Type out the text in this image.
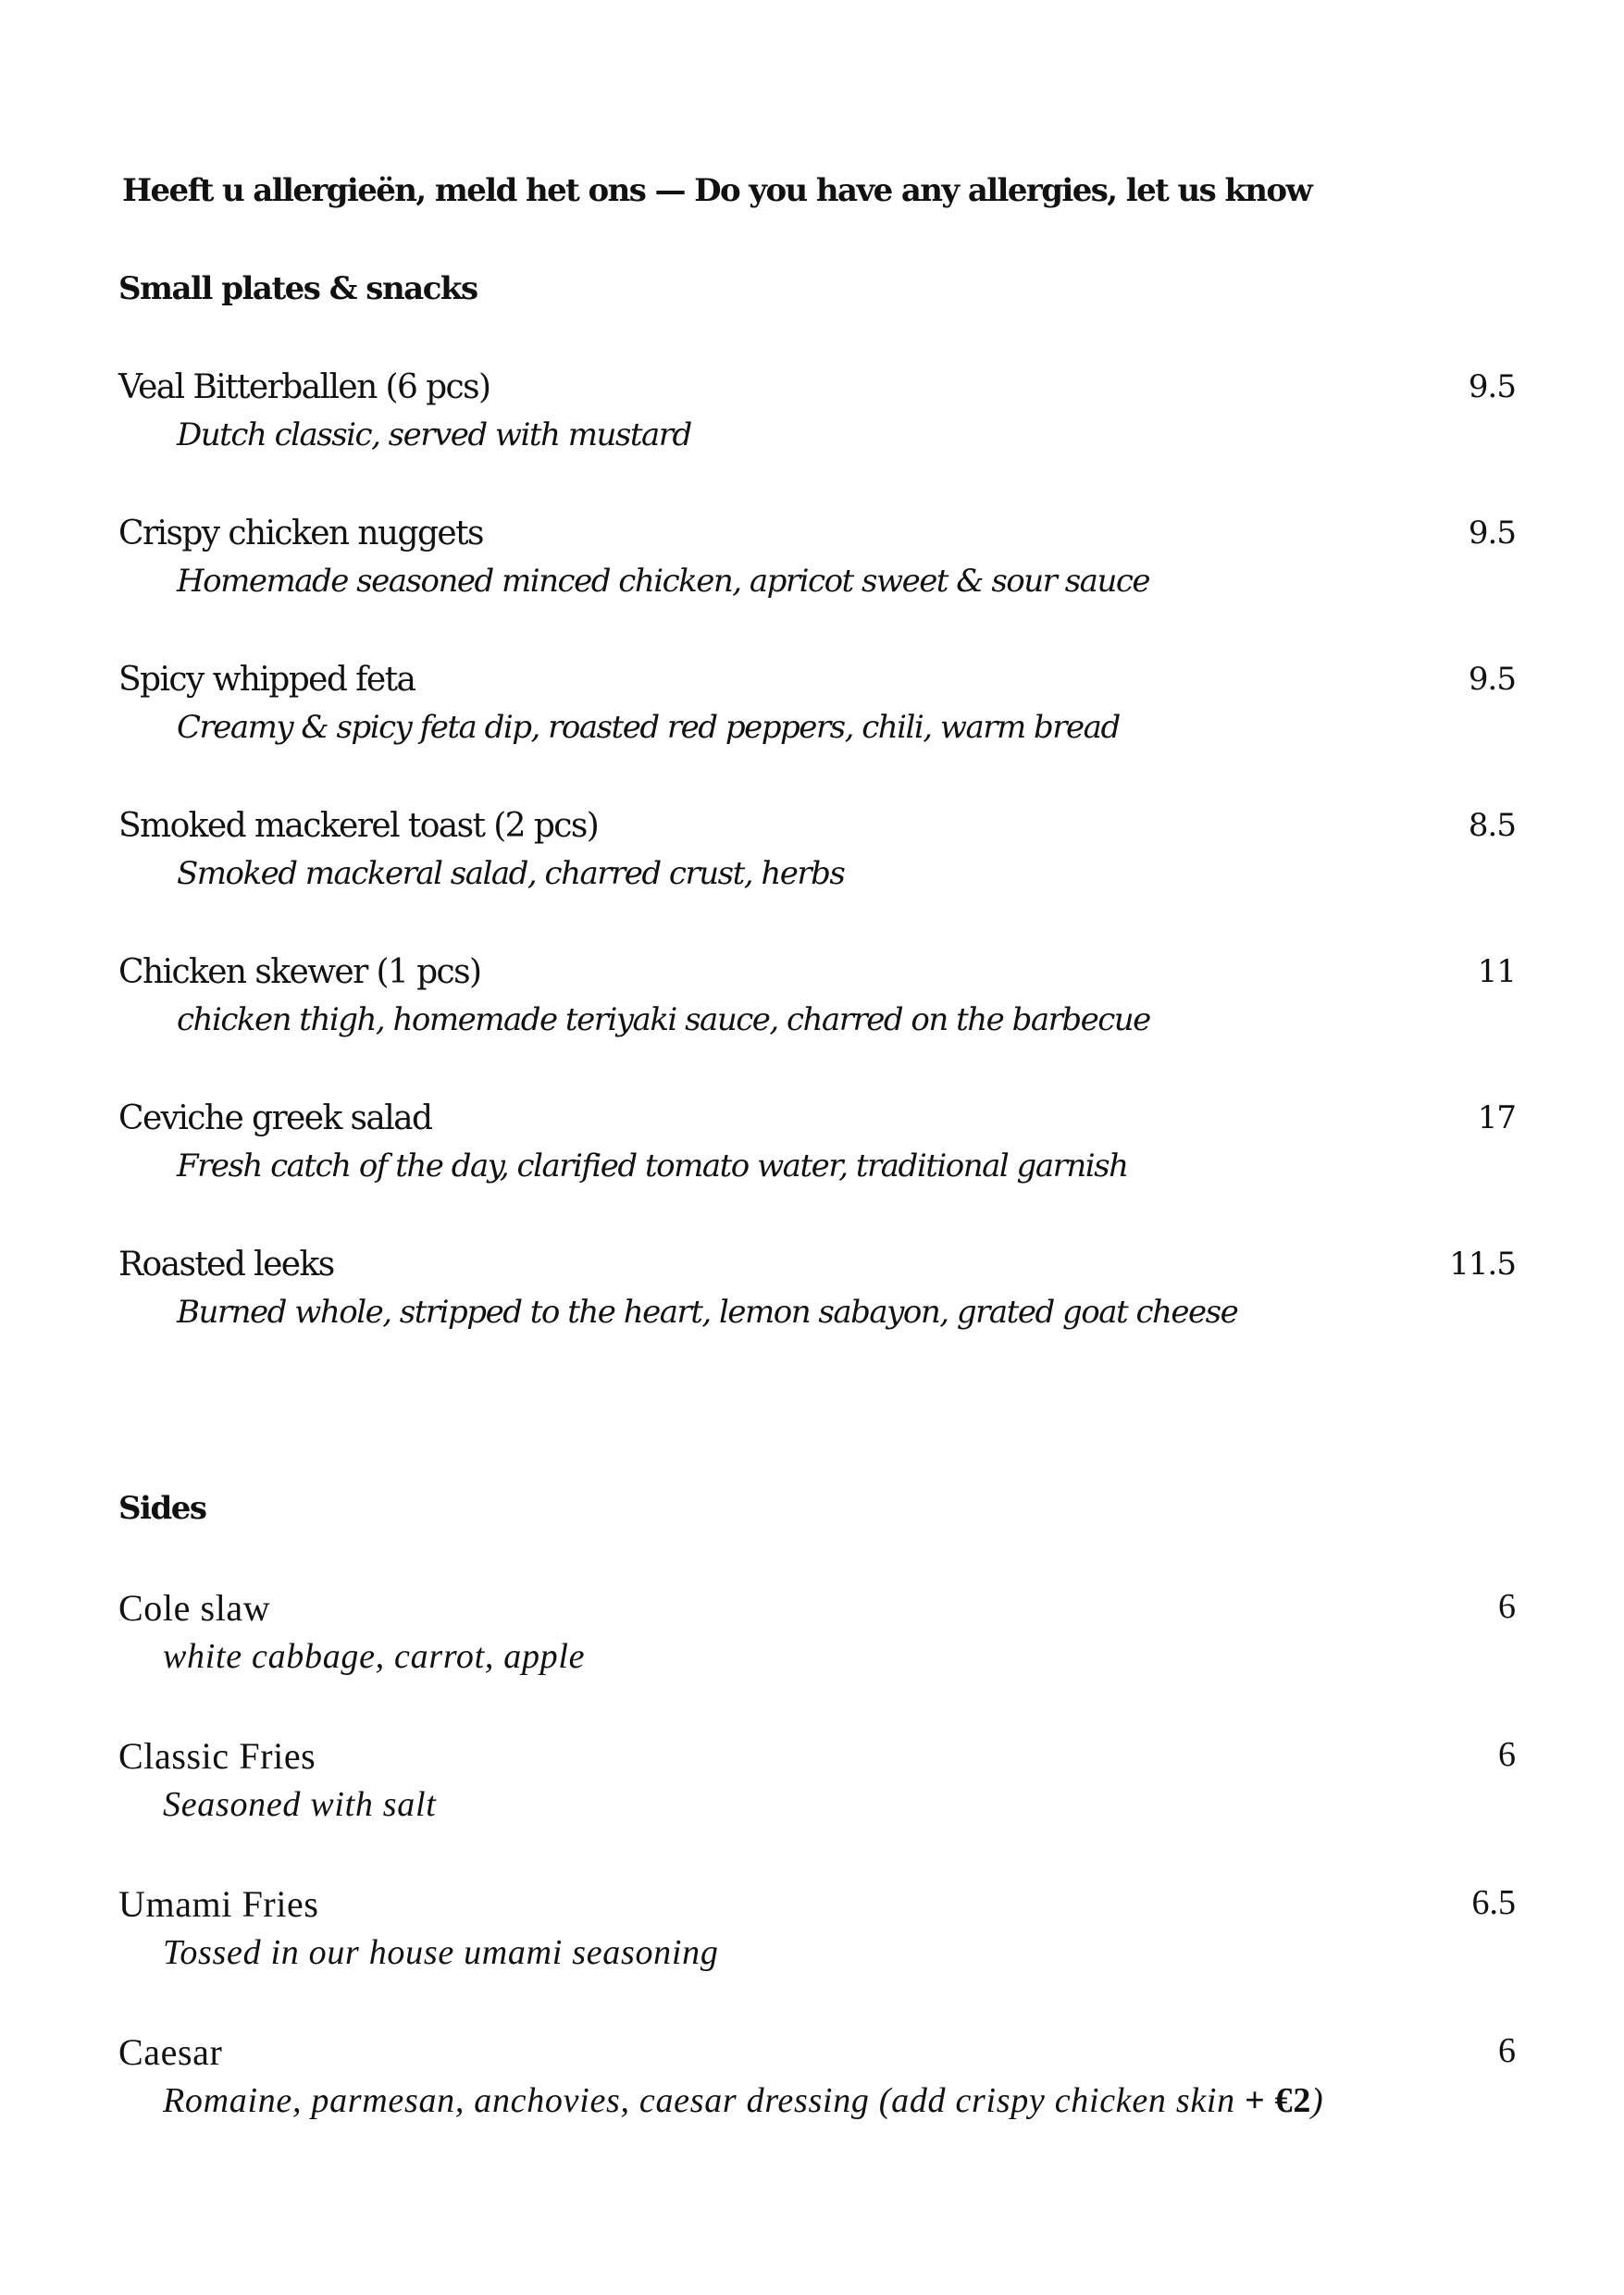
Heeft u allergieën, meld het ons — Do you have any allergies, let us know
Small plates & snacks
Veal Bitterballen (6 pcs)	9.5
Dutch classic, served with mustard
Crispy chicken nuggets	9.5
Homemade seasoned minced chicken, apricot sweet & sour sauce
Spicy whipped feta	9.5
Creamy & spicy feta dip, roasted red peppers, chili, warm bread
Smoked mackerel toast (2 pcs)	8.5
Smoked mackeral salad, charred crust, herbs
Chicken skewer (1 pcs)	11
chicken thigh, homemade teriyaki sauce, charred on the barbecue
Ceviche greek salad	17
Fresh catch of the day, clarified tomato water, traditional garnish
Roasted leeks	11.5
Burned whole, stripped to the heart, lemon sabayon, grated goat cheese
Sides
Cole slaw	6
white cabbage, carrot, apple
Classic Fries	6
Seasoned with salt
Umami Fries	6.5
Tossed in our house umami seasoning
Caesar	6
Romaine, parmesan, anchovies, caesar dressing (add crispy chicken skin + €2)
